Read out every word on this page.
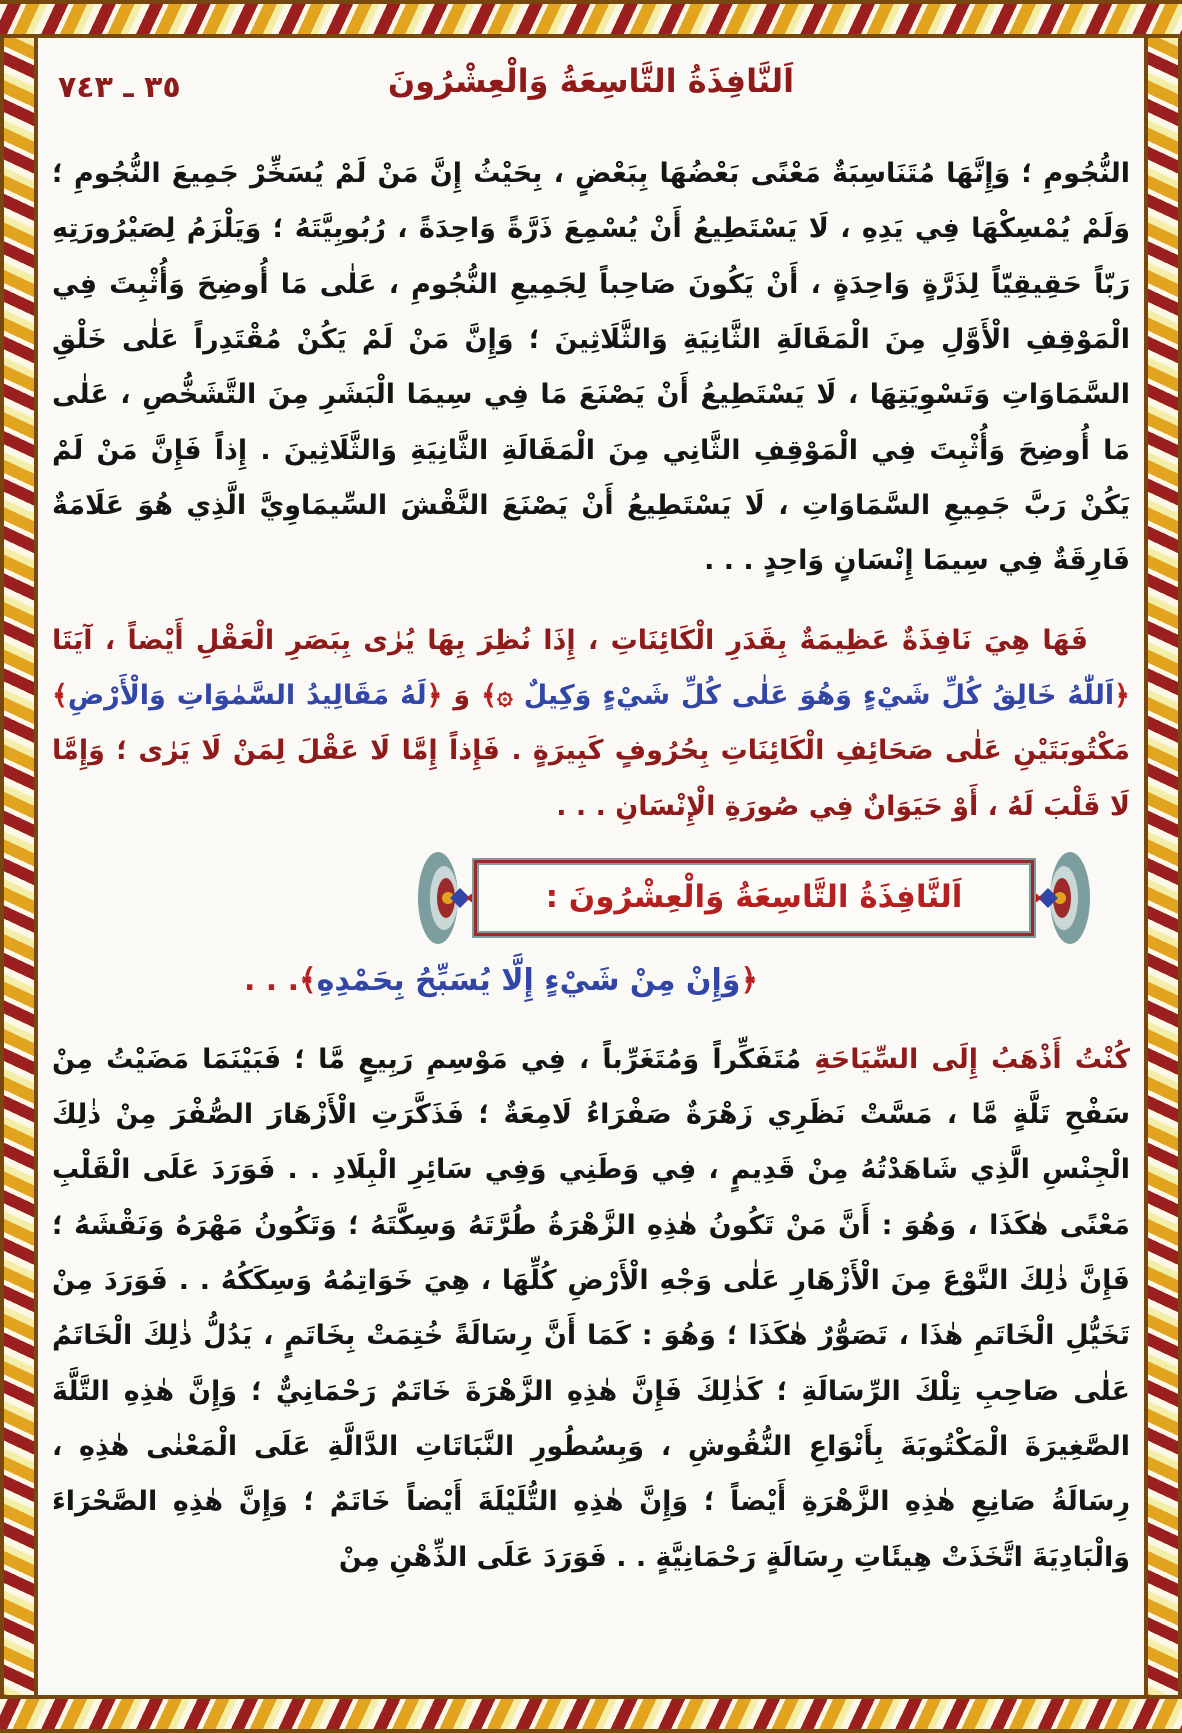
٣٥ ـ ٧٤٣	اَلنَّافِذَةُ التَّاسِعَةُ وَالْعِشْرُونَ

النُّجُومِ ؛ وَإِنَّهَا مُتَنَاسِبَةٌ مَعْنًى بَعْضُهَا بِبَعْضٍ ، بِحَيْثُ إِنَّ مَنْ لَمْ يُسَخِّرْ جَمِيعَ النُّجُومِ ؛ وَلَمْ يُمْسِكْهَا فِي يَدِهِ ، لَا يَسْتَطِيعُ أَنْ يُسْمِعَ ذَرَّةً وَاحِدَةً ، رُبُوبِيَّتَهُ ؛ وَيَلْزَمُ لِصَيْرُورَتِهِ رَبّاً حَقِيقِيّاً لِذَرَّةٍ وَاحِدَةٍ ، أَنْ يَكُونَ صَاحِباً لِجَمِيعِ النُّجُومِ ، عَلٰى مَا أُوضِحَ وَأُثْبِتَ فِي الْمَوْقِفِ الْأَوَّلِ مِنَ الْمَقَالَةِ الثَّانِيَةِ وَالثَّلَاثِينَ ؛ وَإِنَّ مَنْ لَمْ يَكُنْ مُقْتَدِراً عَلٰى خَلْقِ السَّمَاوَاتِ وَتَسْوِيَتِهَا ، لَا يَسْتَطِيعُ أَنْ يَصْنَعَ مَا فِي سِيمَا الْبَشَرِ مِنَ التَّشَخُّصِ ، عَلٰى مَا أُوضِحَ وَأُثْبِتَ فِي الْمَوْقِفِ الثَّانِي مِنَ الْمَقَالَةِ الثَّانِيَةِ وَالثَّلَاثِينَ . إِذاً فَإِنَّ مَنْ لَمْ يَكُنْ رَبَّ جَمِيعِ السَّمَاوَاتِ ، لَا يَسْتَطِيعُ أَنْ يَصْنَعَ النَّقْشَ السِّيمَاوِيَّ الَّذِي هُوَ عَلَامَةٌ فَارِقَةٌ فِي سِيمَا إِنْسَانٍ وَاحِدٍ . . .

فَهَا هِيَ نَافِذَةٌ عَظِيمَةٌ بِقَدَرِ الْكَائِنَاتِ ، إِذَا نُظِرَ بِهَا يُرٰى بِبَصَرِ الْعَقْلِ أَيْضاً ، آيَتَا ﴿اَللّٰهُ خَالِقُ كُلِّ شَيْءٍ وَهُوَ عَلٰى كُلِّ شَيْءٍ وَكِيلٌ ۞﴾ وَ ﴿لَهُ مَقَالِيدُ السَّمٰوَاتِ وَالْأَرْضِ﴾ مَكْتُوبَتَيْنِ عَلٰى صَحَائِفِ الْكَائِنَاتِ بِحُرُوفٍ كَبِيرَةٍ . فَإِذاً إِمَّا لَا عَقْلَ لِمَنْ لَا يَرٰى ؛ وَإِمَّا لَا قَلْبَ لَهُ ، أَوْ حَيَوَانٌ فِي صُورَةِ الْإِنْسَانِ . . .

اَلنَّافِذَةُ التَّاسِعَةُ وَالْعِشْرُونَ :

﴿وَإِنْ مِنْ شَيْءٍ إِلَّا يُسَبِّحُ بِحَمْدِهِ﴾. . .

كُنْتُ أَذْهَبُ إِلَى السِّيَاحَةِ مُتَفَكِّراً وَمُتَغَرِّباً ، فِي مَوْسِمِ رَبِيعٍ مَّا ؛ فَبَيْنَمَا مَضَيْتُ مِنْ سَفْحِ تَلَّةٍ مَّا ، مَسَّتْ نَظَرِي زَهْرَةٌ صَفْرَاءُ لَامِعَةٌ ؛ فَذَكَّرَتِ الْأَزْهَارَ الصُّفْرَ مِنْ ذٰلِكَ الْجِنْسِ الَّذِي شَاهَدْتُهُ مِنْ قَدِيمٍ ، فِي وَطَنِي وَفِي سَائِرِ الْبِلَادِ . . فَوَرَدَ عَلَى الْقَلْبِ مَعْنًى هٰكَذَا ، وَهُوَ : أَنَّ مَنْ تَكُونُ هٰذِهِ الزَّهْرَةُ طُرَّتَهُ وَسِكَّتَهُ ؛ وَتَكُونُ مَهْرَهُ وَنَقْشَهُ ؛ فَإِنَّ ذٰلِكَ النَّوْعَ مِنَ الْأَزْهَارِ عَلٰى وَجْهِ الْأَرْضِ كُلِّهَا ، هِيَ خَوَاتِمُهُ وَسِكَكُهُ . . فَوَرَدَ مِنْ تَخَيُّلِ الْخَاتَمِ هٰذَا ، تَصَوُّرٌ هٰكَذَا ؛ وَهُوَ : كَمَا أَنَّ رِسَالَةً خُتِمَتْ بِخَاتَمٍ ، يَدُلُّ ذٰلِكَ الْخَاتَمُ عَلٰى صَاحِبِ تِلْكَ الرِّسَالَةِ ؛ كَذٰلِكَ فَإِنَّ هٰذِهِ الزَّهْرَةَ خَاتَمٌ رَحْمَانِيٌّ ؛ وَإِنَّ هٰذِهِ التَّلَّةَ الصَّغِيرَةَ الْمَكْتُوبَةَ بِأَنْوَاعِ النُّقُوشِ ، وَبِسُطُورِ النَّبَاتَاتِ الدَّالَّةِ عَلَى الْمَعْنٰى هٰذِهِ ، رِسَالَةُ صَانِعِ هٰذِهِ الزَّهْرَةِ أَيْضاً ؛ وَإِنَّ هٰذِهِ التُّلَيْلَةَ أَيْضاً خَاتَمٌ ؛ وَإِنَّ هٰذِهِ الصَّحْرَاءَ وَالْبَادِيَةَ اتَّخَذَتْ هِيئَاتِ رِسَالَةٍ رَحْمَانِيَّةٍ . . فَوَرَدَ عَلَى الذِّهْنِ مِنْ
